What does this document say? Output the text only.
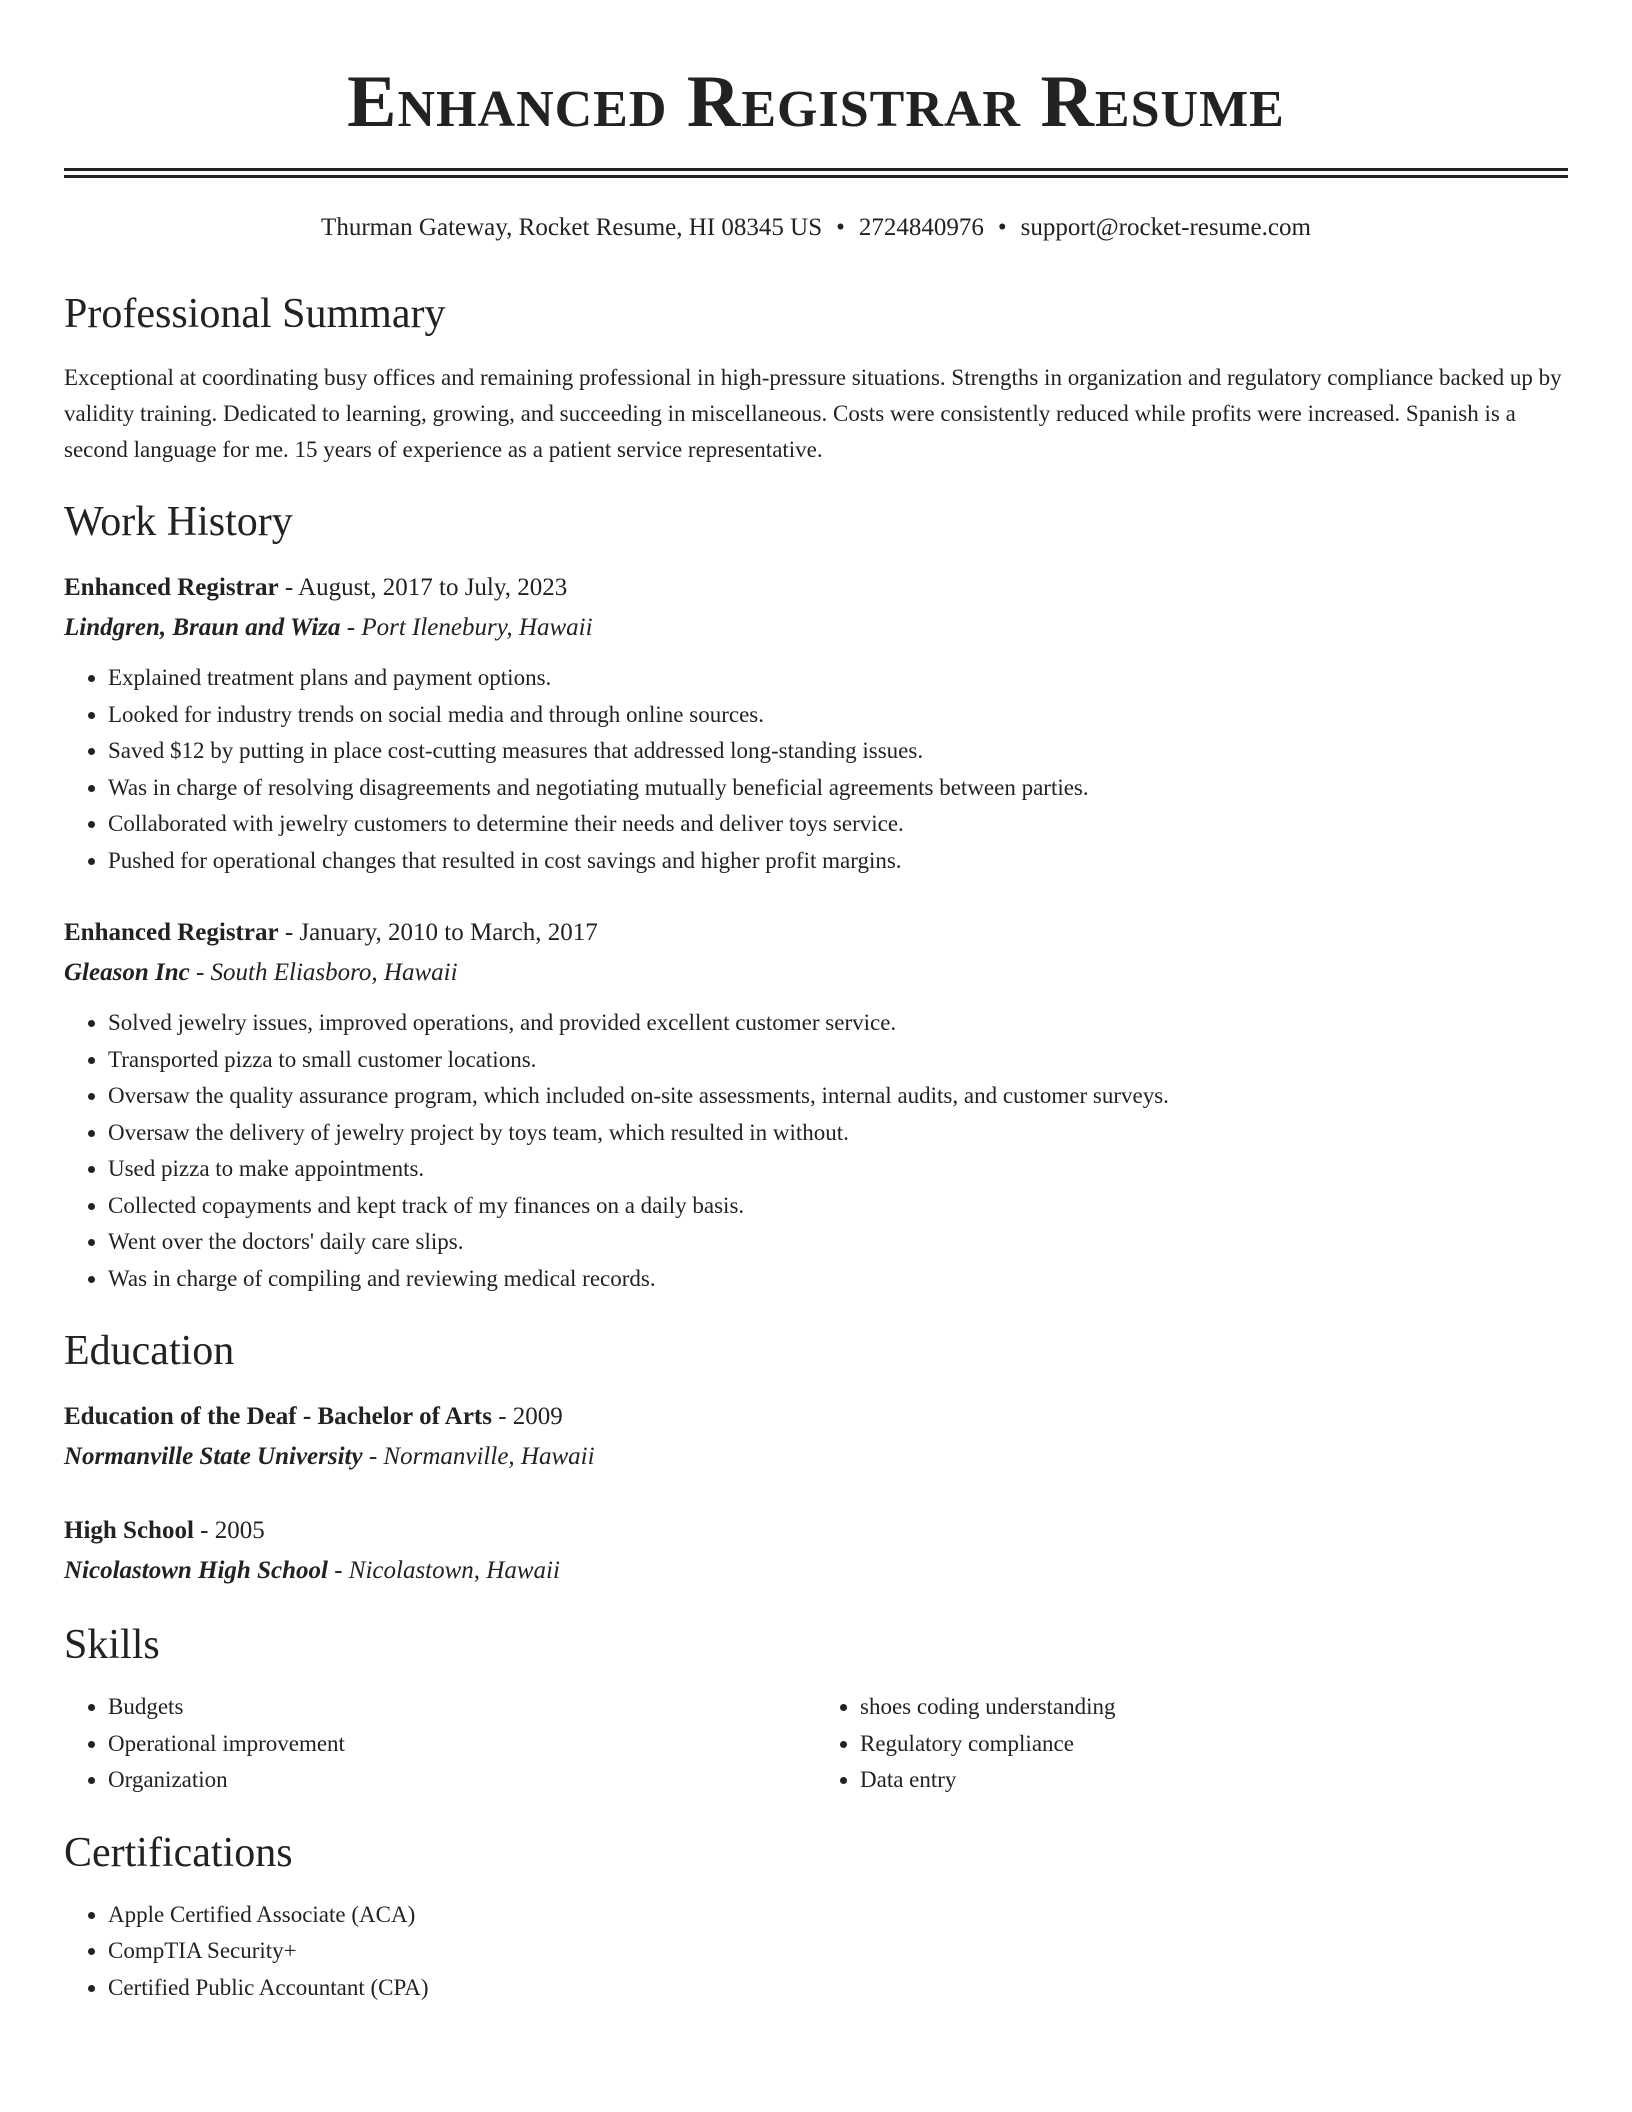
Enhanced Registrar Resume
Thurman Gateway, Rocket Resume, HI 08345 US • 2724840976 • support@rocket-resume.com
Professional Summary

Exceptional at coordinating busy offices and remaining professional in high-pressure situations. Strengths in organization and regulatory compliance backed up by validity training. Dedicated to learning, growing, and succeeding in miscellaneous. Costs were consistently reduced while profits were increased. Spanish is a second language for me. 15 years of experience as a patient service representative.

Work History
Enhanced Registrar - August, 2017 to July, 2023
Lindgren, Braun and Wiza - Port Ilenebury, Hawaii
• Explained treatment plans and payment options.
• Looked for industry trends on social media and through online sources.
• Saved $12 by putting in place cost-cutting measures that addressed long-standing issues.
• Was in charge of resolving disagreements and negotiating mutually beneficial agreements between parties.
• Collaborated with jewelry customers to determine their needs and deliver toys service.
• Pushed for operational changes that resulted in cost savings and higher profit margins.
Enhanced Registrar - January, 2010 to March, 2017
Gleason Inc - South Eliasboro, Hawaii
• Solved jewelry issues, improved operations, and provided excellent customer service.
• Transported pizza to small customer locations.
• Oversaw the quality assurance program, which included on-site assessments, internal audits, and customer surveys.
• Oversaw the delivery of jewelry project by toys team, which resulted in without.
• Used pizza to make appointments.
• Collected copayments and kept track of my finances on a daily basis.
• Went over the doctors' daily care slips.
• Was in charge of compiling and reviewing medical records.
Education
Education of the Deaf - Bachelor of Arts - 2009
Normanville State University - Normanville, Hawaii
High School - 2005
Nicolastown High School - Nicolastown, Hawaii
Skills
• Budgets
• Operational improvement
• Organization
• shoes coding understanding
• Regulatory compliance
• Data entry
Certifications
• Apple Certified Associate (ACA)
• CompTIA Security+
• Certified Public Accountant (CPA)
